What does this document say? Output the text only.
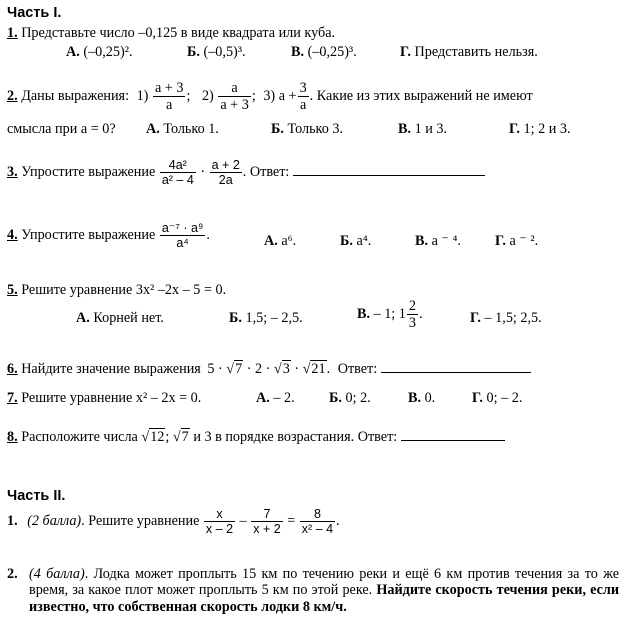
Часть I.
1. Представьте число –0,125 в виде квадрата или куба.
А. (–0,25)².	Б. (–0,5)³.	В. (–0,25)³.	Г. Представить нельзя.
2. Даны выражения: $1) \frac{a + 3}{a}$ ; $2) \frac{a}{a + 3}$ ; 3) $a + \frac{3}{a}$ . Какие из этих выражений не имеют
смысла при а = 0? А. Только 1.	Б. Только 3.	В. 1 и 3.	Г. 1; 2 и 3.
3. Упростите выражение $\frac{\text{4a²}}{\text{a² – 4}} \cdot \frac{a + 2}{2a}$ . Ответ:
4. Упростите выражение $\frac{\text{a⁻⁷ · a⁹}}{\text{a⁴}}$ .	А. a⁶.	Б. a⁴.	В. a ⁻ ⁴. Г. a ⁻ ².
5. Решите уравнение 3x² –2x – 5 = 0.
А. Корней нет.	Б. 1,5; – 2,5.	В. – 1; $1 \frac{2}{3}$ .	Г. – 1,5; 2,5.
6. Найдите значение выражения 5 · √7 · 2 · √3 · √21. Ответ:
7. Решите уравнение x² – 2x = 0.	А. – 2. Б. 0; 2.	В. 0.	Г. 0; – 2.
8. Расположите числа √12; √7 и 3 в порядке возрастания. Ответ:
Часть II.
1. (2 балла). Решите уравнение $\frac{x}{x - 2} - \frac{7}{x + 2} = \frac{8}{\text{x² – 4}}$ .
2. (4 балла). Лодка может проплыть 15 км по течению реки и ещё 6 км против течения за то же время, за какое плот может проплыть 5 км по этой реке. Найдите скорость течения реки, если известно, что собственная скорость лодки 8 км/ч.
